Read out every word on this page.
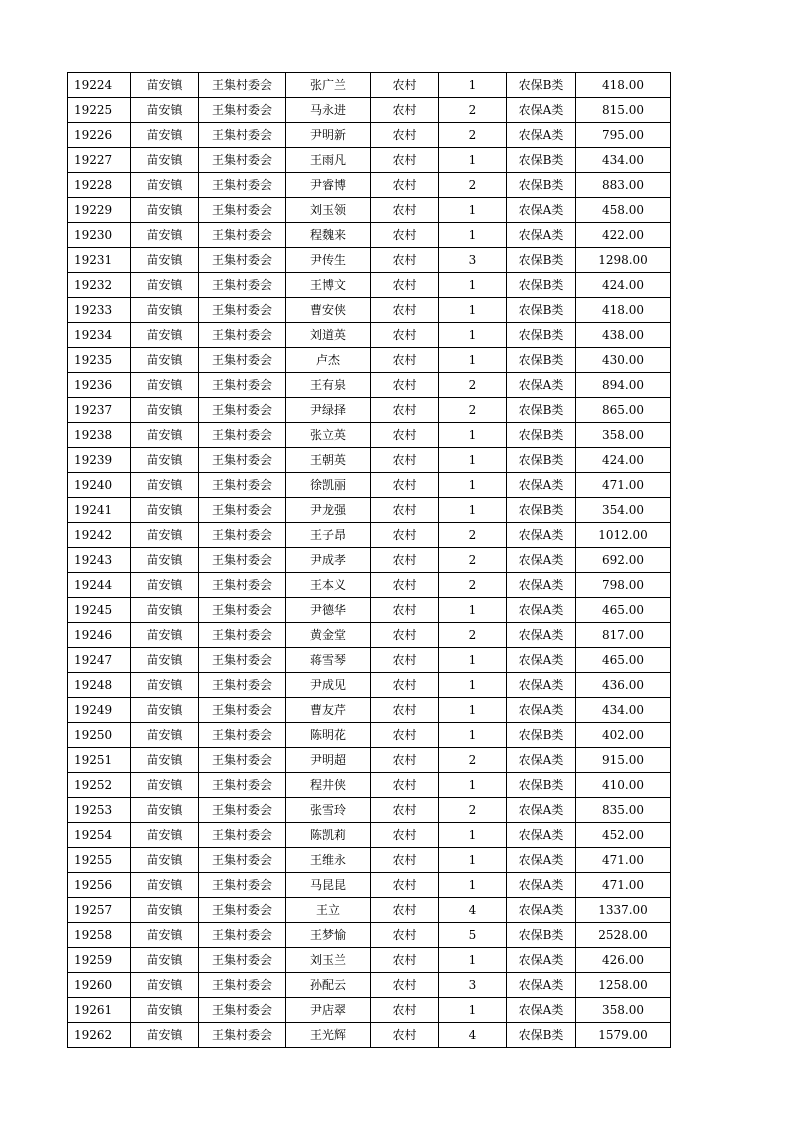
19224	苗安镇	王集村委会	张广兰	农村	1	农保B类	418.00
19225	苗安镇	王集村委会	马永进	农村	2	农保A类	815.00
19226	苗安镇	王集村委会	尹明新	农村	2	农保A类	795.00
19227	苗安镇	王集村委会	王雨凡	农村	1	农保B类	434.00
19228	苗安镇	王集村委会	尹睿博	农村	2	农保B类	883.00
19229	苗安镇	王集村委会	刘玉领	农村	1	农保A类	458.00
19230	苗安镇	王集村委会	程魏来	农村	1	农保A类	422.00
19231	苗安镇	王集村委会	尹传生	农村	3	农保B类	1298.00
19232	苗安镇	王集村委会	王博文	农村	1	农保B类	424.00
19233	苗安镇	王集村委会	曹安侠	农村	1	农保B类	418.00
19234	苗安镇	王集村委会	刘道英	农村	1	农保B类	438.00
19235	苗安镇	王集村委会	卢杰	农村	1	农保B类	430.00
19236	苗安镇	王集村委会	王有泉	农村	2	农保A类	894.00
19237	苗安镇	王集村委会	尹绿择	农村	2	农保B类	865.00
19238	苗安镇	王集村委会	张立英	农村	1	农保B类	358.00
19239	苗安镇	王集村委会	王朝英	农村	1	农保B类	424.00
19240	苗安镇	王集村委会	徐凯丽	农村	1	农保A类	471.00
19241	苗安镇	王集村委会	尹龙强	农村	1	农保B类	354.00
19242	苗安镇	王集村委会	王子昂	农村	2	农保A类	1012.00
19243	苗安镇	王集村委会	尹成孝	农村	2	农保A类	692.00
19244	苗安镇	王集村委会	王本义	农村	2	农保A类	798.00
19245	苗安镇	王集村委会	尹德华	农村	1	农保A类	465.00
19246	苗安镇	王集村委会	黄金堂	农村	2	农保A类	817.00
19247	苗安镇	王集村委会	蒋雪琴	农村	1	农保A类	465.00
19248	苗安镇	王集村委会	尹成见	农村	1	农保A类	436.00
19249	苗安镇	王集村委会	曹友芹	农村	1	农保A类	434.00
19250	苗安镇	王集村委会	陈明花	农村	1	农保B类	402.00
19251	苗安镇	王集村委会	尹明超	农村	2	农保A类	915.00
19252	苗安镇	王集村委会	程井侠	农村	1	农保B类	410.00
19253	苗安镇	王集村委会	张雪玲	农村	2	农保A类	835.00
19254	苗安镇	王集村委会	陈凯莉	农村	1	农保A类	452.00
19255	苗安镇	王集村委会	王维永	农村	1	农保A类	471.00
19256	苗安镇	王集村委会	马昆昆	农村	1	农保A类	471.00
19257	苗安镇	王集村委会	王立	农村	4	农保A类	1337.00
19258	苗安镇	王集村委会	王梦愉	农村	5	农保B类	2528.00
19259	苗安镇	王集村委会	刘玉兰	农村	1	农保A类	426.00
19260	苗安镇	王集村委会	孙配云	农村	3	农保A类	1258.00
19261	苗安镇	王集村委会	尹店翠	农村	1	农保A类	358.00
19262	苗安镇	王集村委会	王光辉	农村	4	农保B类	1579.00
